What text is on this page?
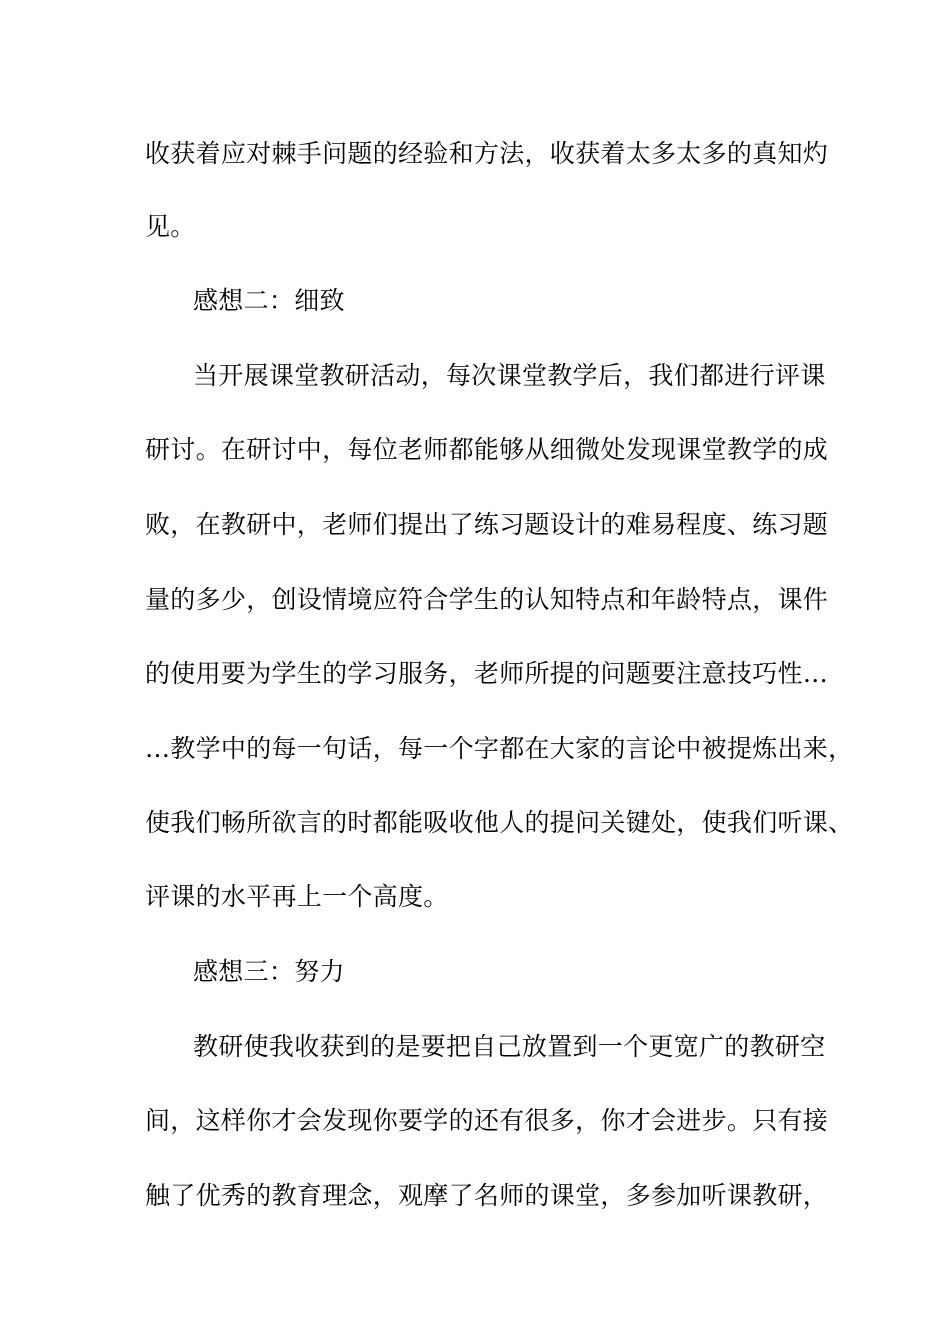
收获着应对棘手问题的经验和方法，收获着太多太多的真知灼
见。
感想二：细致
当开展课堂教研活动，每次课堂教学后，我们都进行评课
研讨。在研讨中，每位老师都能够从细微处发现课堂教学的成
败，在教研中，老师们提出了练习题设计的难易程度、练习题
量的多少，创设情境应符合学生的认知特点和年龄特点，课件
的使用要为学生的学习服务，老师所提的问题要注意技巧性…
…教学中的每一句话，每一个字都在大家的言论中被提炼出来，
使我们畅所欲言的时都能吸收他人的提问关键处，使我们听课、
评课的水平再上一个高度。
感想三：努力
教研使我收获到的是要把自己放置到一个更宽广的教研空
间，这样你才会发现你要学的还有很多，你才会进步。只有接
触了优秀的教育理念，观摩了名师的课堂，多参加听课教研，
